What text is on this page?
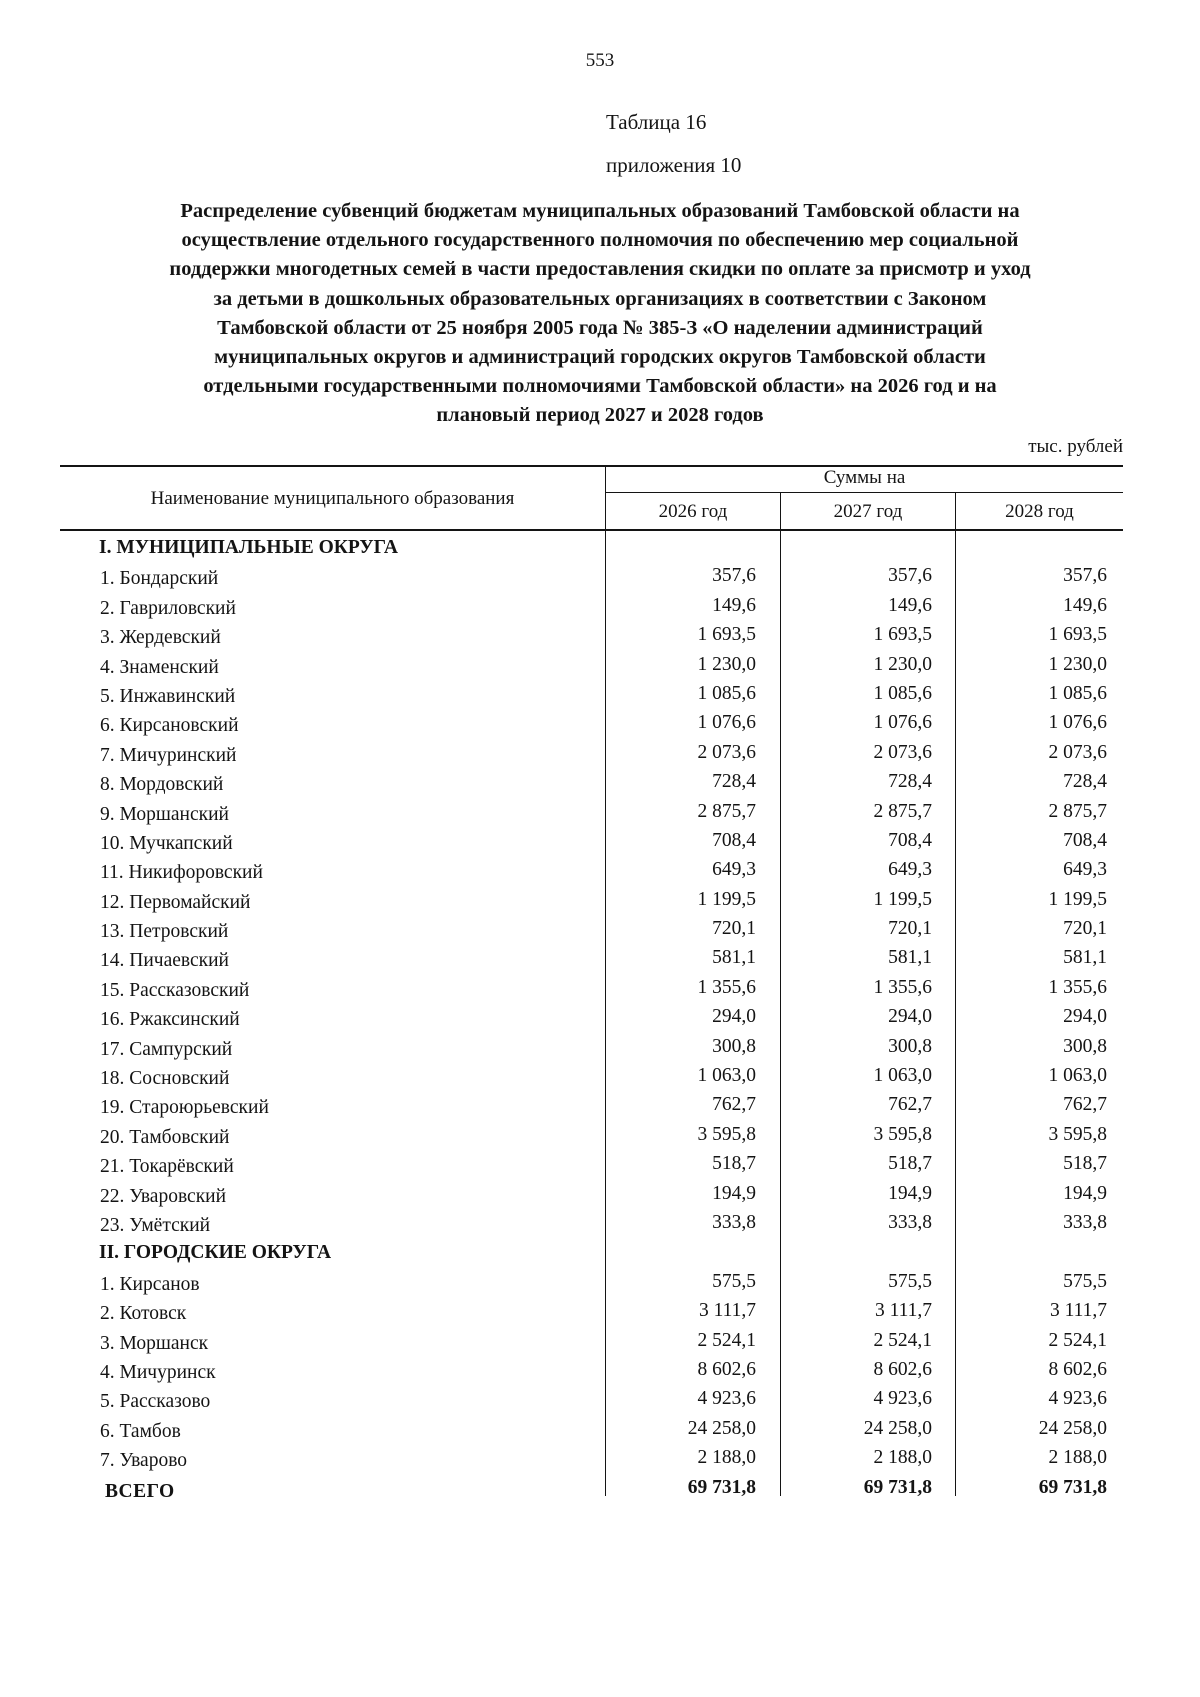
553
Таблица 16
приложения 10
Распределение субвенций бюджетам муниципальных образований Тамбовской области на
осуществление отдельного государственного полномочия по обеспечению мер социальной
поддержки многодетных семей в части предоставления скидки по оплате за присмотр и уход
за детьми в дошкольных образовательных организациях в соответствии с Законом
Тамбовской области от 25 ноября 2005 года № 385-З «О наделении администраций
муниципальных округов и администраций городских округов Тамбовской области
отдельными государственными полномочиями Тамбовской области» на 2026 год и на
плановый период 2027 и 2028 годов
тыс. рублей
Наименование муниципального образования
Суммы на
2026 год	2027 год	2028 год
I. МУНИЦИПАЛЬНЫЕ ОКРУГА
1. Бондарский	357,6	357,6	357,6
2. Гавриловский	149,6	149,6	149,6
3. Жердевский	1 693,5	1 693,5	1 693,5
4. Знаменский	1 230,0	1 230,0	1 230,0
5. Инжавинский	1 085,6	1 085,6	1 085,6
6. Кирсановский	1 076,6	1 076,6	1 076,6
7. Мичуринский	2 073,6	2 073,6	2 073,6
8. Мордовский	728,4	728,4	728,4
9. Моршанский	2 875,7	2 875,7	2 875,7
10. Мучкапский	708,4	708,4	708,4
11. Никифоровский	649,3	649,3	649,3
12. Первомайский	1 199,5	1 199,5	1 199,5
13. Петровский	720,1	720,1	720,1
14. Пичаевский	581,1	581,1	581,1
15. Рассказовский	1 355,6	1 355,6	1 355,6
16. Ржаксинский	294,0	294,0	294,0
17. Сампурский	300,8	300,8	300,8
18. Сосновский	1 063,0	1 063,0	1 063,0
19. Староюрьевский	762,7	762,7	762,7
20. Тамбовский	3 595,8	3 595,8	3 595,8
21. Токарёвский	518,7	518,7	518,7
22. Уваровский	194,9	194,9	194,9
23. Умётский	333,8	333,8	333,8
II. ГОРОДСКИЕ ОКРУГА
1. Кирсанов	575,5	575,5	575,5
2. Котовск	3 111,7	3 111,7	3 111,7
3. Моршанск	2 524,1	2 524,1	2 524,1
4. Мичуринск	8 602,6	8 602,6	8 602,6
5. Рассказово	4 923,6	4 923,6	4 923,6
6. Тамбов	24 258,0	24 258,0	24 258,0
7. Уварово	2 188,0	2 188,0	2 188,0
ВСЕГО	69 731,8	69 731,8	69 731,8
